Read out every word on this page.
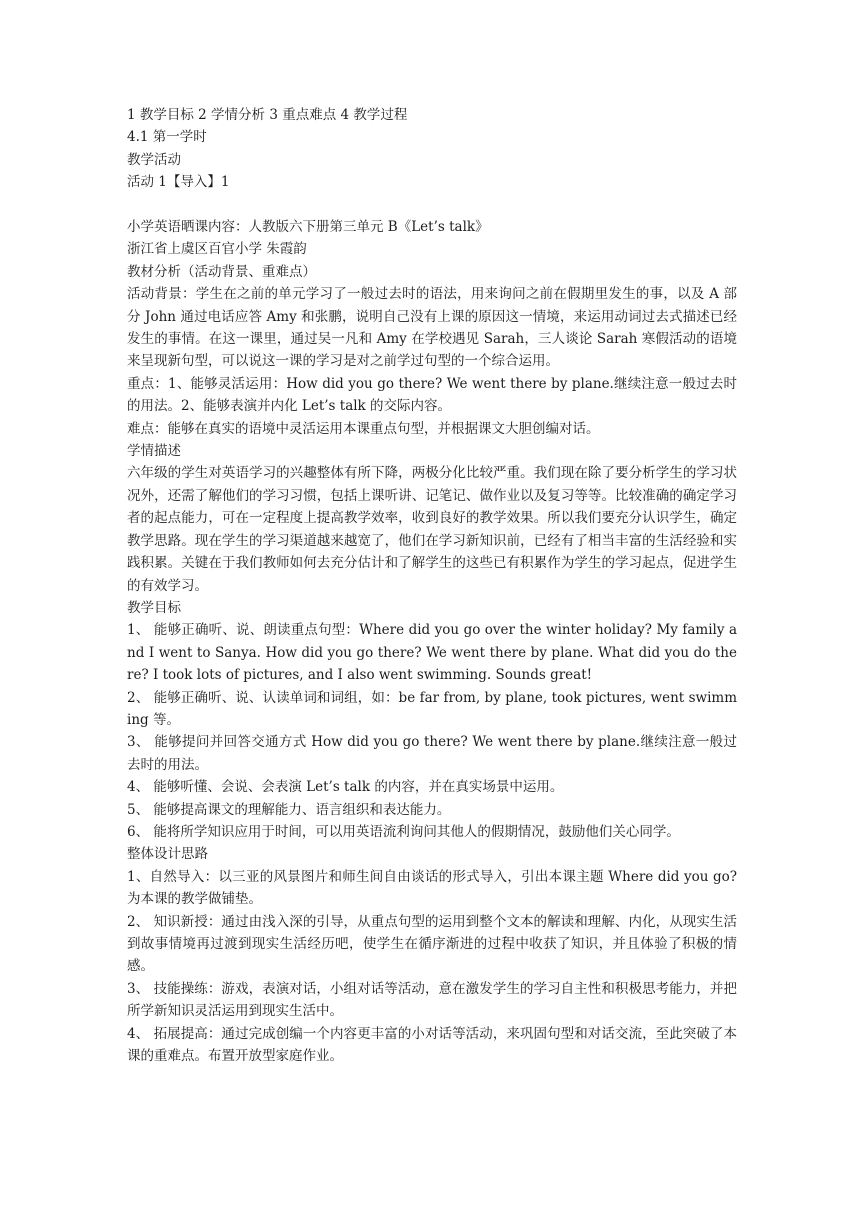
1 教学目标 2 学情分析 3 重点难点 4 教学过程

4.1 第一学时

教学活动

活动 1【导入】1

小学英语晒课内容：人教版六下册第三单元 B《Let’s talk》

浙江省上虞区百官小学 朱霞韵

教材分析（活动背景、重难点）

活动背景：学生在之前的单元学习了一般过去时的语法，用来询问之前在假期里发生的事，以及 A 部分 John 通过电话应答 Amy 和张鹏，说明自己没有上课的原因这一情境，来运用动词过去式描述已经发生的事情。在这一课里，通过吴一凡和 Amy 在学校遇见 Sarah，三人谈论 Sarah 寒假活动的语境来呈现新句型，可以说这一课的学习是对之前学过句型的一个综合运用。

重点：1、能够灵活运用：How did you go there? We went there by plane.继续注意一般过去时的用法。2、能够表演并内化 Let’s talk 的交际内容。

难点：能够在真实的语境中灵活运用本课重点句型，并根据课文大胆创编对话。

学情描述

六年级的学生对英语学习的兴趣整体有所下降，两极分化比较严重。我们现在除了要分析学生的学习状况外，还需了解他们的学习习惯，包括上课听讲、记笔记、做作业以及复习等等。比较准确的确定学习者的起点能力，可在一定程度上提高教学效率，收到良好的教学效果。所以我们要充分认识学生，确定教学思路。现在学生的学习渠道越来越宽了，他们在学习新知识前，已经有了相当丰富的生活经验和实践积累。关键在于我们教师如何去充分估计和了解学生的这些已有积累作为学生的学习起点，促进学生的有效学习。

教学目标

1、 能够正确听、说、朗读重点句型：Where did you go over the winter holiday? My family and I went to Sanya. How did you go there? We went there by plane. What did you do there? I took lots of pictures, and I also went swimming. Sounds great!

2、 能够正确听、说、认读单词和词组，如：be far from, by plane, took pictures, went swimming 等。

3、 能够提问并回答交通方式 How did you go there? We went there by plane.继续注意一般过去时的用法。

4、 能够听懂、会说、会表演 Let’s talk 的内容，并在真实场景中运用。

5、 能够提高课文的理解能力、语言组织和表达能力。

6、 能将所学知识应用于时间，可以用英语流利询问其他人的假期情况，鼓励他们关心同学。

整体设计思路

1、自然导入：以三亚的风景图片和师生间自由谈话的形式导入，引出本课主题 Where did you go?为本课的教学做铺垫。

2、 知识新授：通过由浅入深的引导，从重点句型的运用到整个文本的解读和理解、内化，从现实生活到故事情境再过渡到现实生活经历吧，使学生在循序渐进的过程中收获了知识，并且体验了积极的情感。

3、 技能操练：游戏，表演对话，小组对话等活动，意在激发学生的学习自主性和积极思考能力，并把所学新知识灵活运用到现实生活中。

4、 拓展提高：通过完成创编一个内容更丰富的小对话等活动，来巩固句型和对话交流，至此突破了本课的重难点。布置开放型家庭作业。
